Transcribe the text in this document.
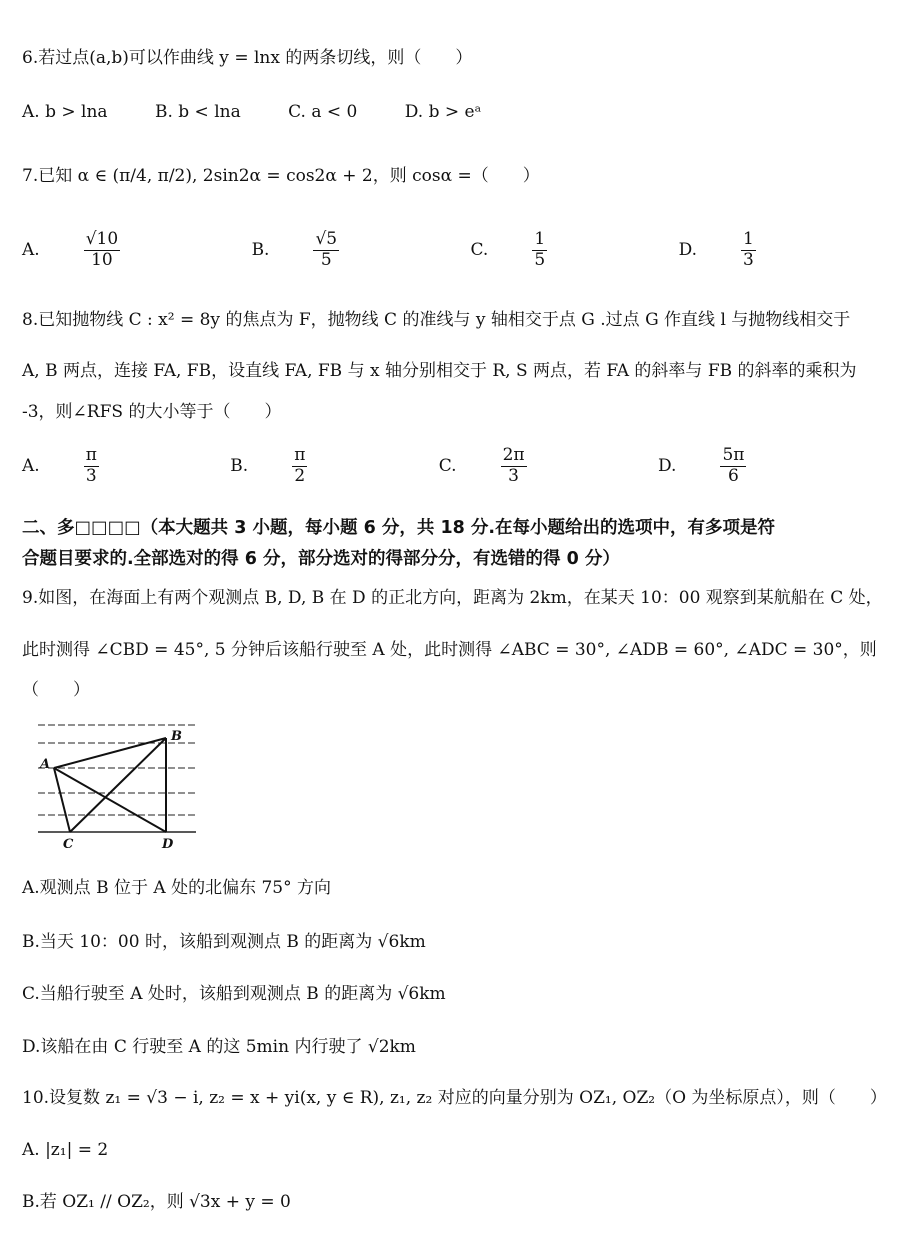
6.若过点(a,b)可以作曲线 y = lnx 的两条切线，则（　　）
A. b > lna	B. b < lna	C. a < 0	D. b > eᵃ
7.已知 α ∈ (π/4, π/2), 2sin2α = cos2α + 2，则 cosα =（　　）
A.	$\frac{√10}{10}$	B.	$\frac{√5}{5}$	C.	$\frac{1}{5}$	D.	$\frac{1}{3}$
8.已知抛物线 C : x² = 8y 的焦点为 F，抛物线 C 的准线与 y 轴相交于点 G .过点 G 作直线 l 与抛物线相交于
A, B 两点，连接 FA, FB，设直线 FA, FB 与 x 轴分别相交于 R, S 两点，若 FA 的斜率与 FB 的斜率的乘积为
-3，则∠RFS 的大小等于（　　）
A.	$\frac{\pi}{3}$	B.	$\frac{\pi}{2}$	C.	$\frac{2\pi}{3}$	D.	$\frac{5\pi}{6}$
二、多□□□□（本大题共 3 小题，每小题 6 分，共 18 分.在每小题给出的选项中，有多项是符
合题目要求的.全部选对的得 6 分，部分选对的得部分分，有选错的得 0 分）
9.如图，在海面上有两个观测点 B, D, B 在 D 的正北方向，距离为 2km，在某天 10：00 观察到某航船在 C 处，
此时测得 ∠CBD = 45°, 5 分钟后该船行驶至 A 处，此时测得 ∠ABC = 30°, ∠ADB = 60°, ∠ADC = 30°，则
（　　）
A
B
C	D
A.观测点 B 位于 A 处的北偏东 75° 方向
B.当天 10：00 时，该船到观测点 B 的距离为 √6km
C.当船行驶至 A 处时，该船到观测点 B 的距离为 √6km
D.该船在由 C 行驶至 A 的这 5min 内行驶了 √2km
10.设复数 z₁ = √3 − i, z₂ = x + yi(x, y ∈ R), z₁, z₂ 对应的向量分别为 OZ₁, OZ₂（O 为坐标原点），则（　　）
A. |z₁| = 2
B.若 OZ₁ // OZ₂，则 √3x + y = 0
